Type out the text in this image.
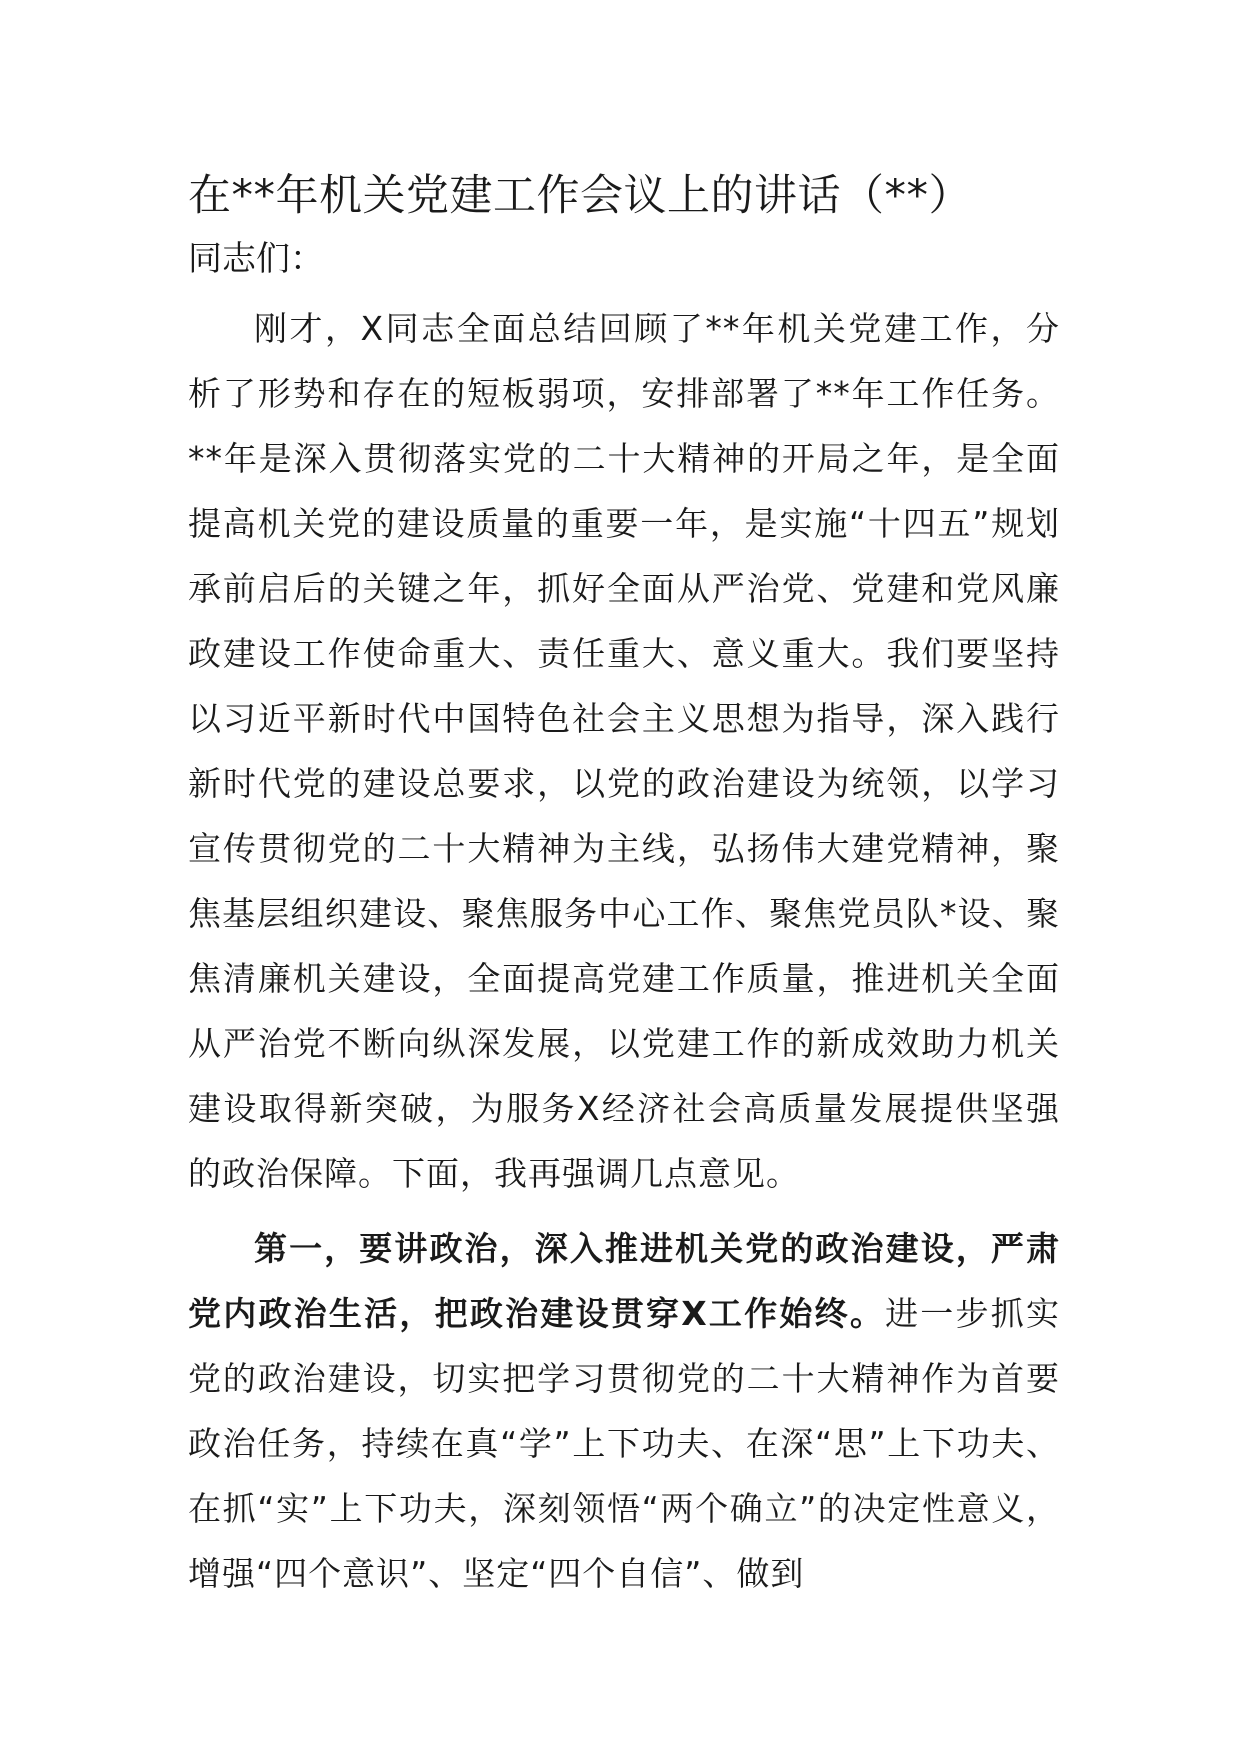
在**年机关党建工作会议上的讲话（**）

同志们：

刚才，X同志全面总结回顾了**年机关党建工作，分析了形势和存在的短板弱项，安排部署了**年工作任务。**年是深入贯彻落实党的二十大精神的开局之年，是全面提高机关党的建设质量的重要一年，是实施“十四五”规划承前启后的关键之年，抓好全面从严治党、党建和党风廉政建设工作使命重大、责任重大、意义重大。我们要坚持以习近平新时代中国特色社会主义思想为指导，深入践行新时代党的建设总要求，以党的政治建设为统领，以学习宣传贯彻党的二十大精神为主线，弘扬伟大建党精神，聚焦基层组织建设、聚焦服务中心工作、聚焦党员队*设、聚焦清廉机关建设，全面提高党建工作质量，推进机关全面从严治党不断向纵深发展，以党建工作的新成效助力机关建设取得新突破，为服务X经济社会高质量发展提供坚强的政治保障。下面，我再强调几点意见。

第一，要讲政治，深入推进机关党的政治建设，严肃党内政治生活，把政治建设贯穿X工作始终。进一步抓实党的政治建设，切实把学习贯彻党的二十大精神作为首要政治任务，持续在真“学”上下功夫、在深“思”上下功夫、在抓“实”上下功夫，深刻领悟“两个确立”的决定性意义，增强“四个意识”、坚定“四个自信”、做到
